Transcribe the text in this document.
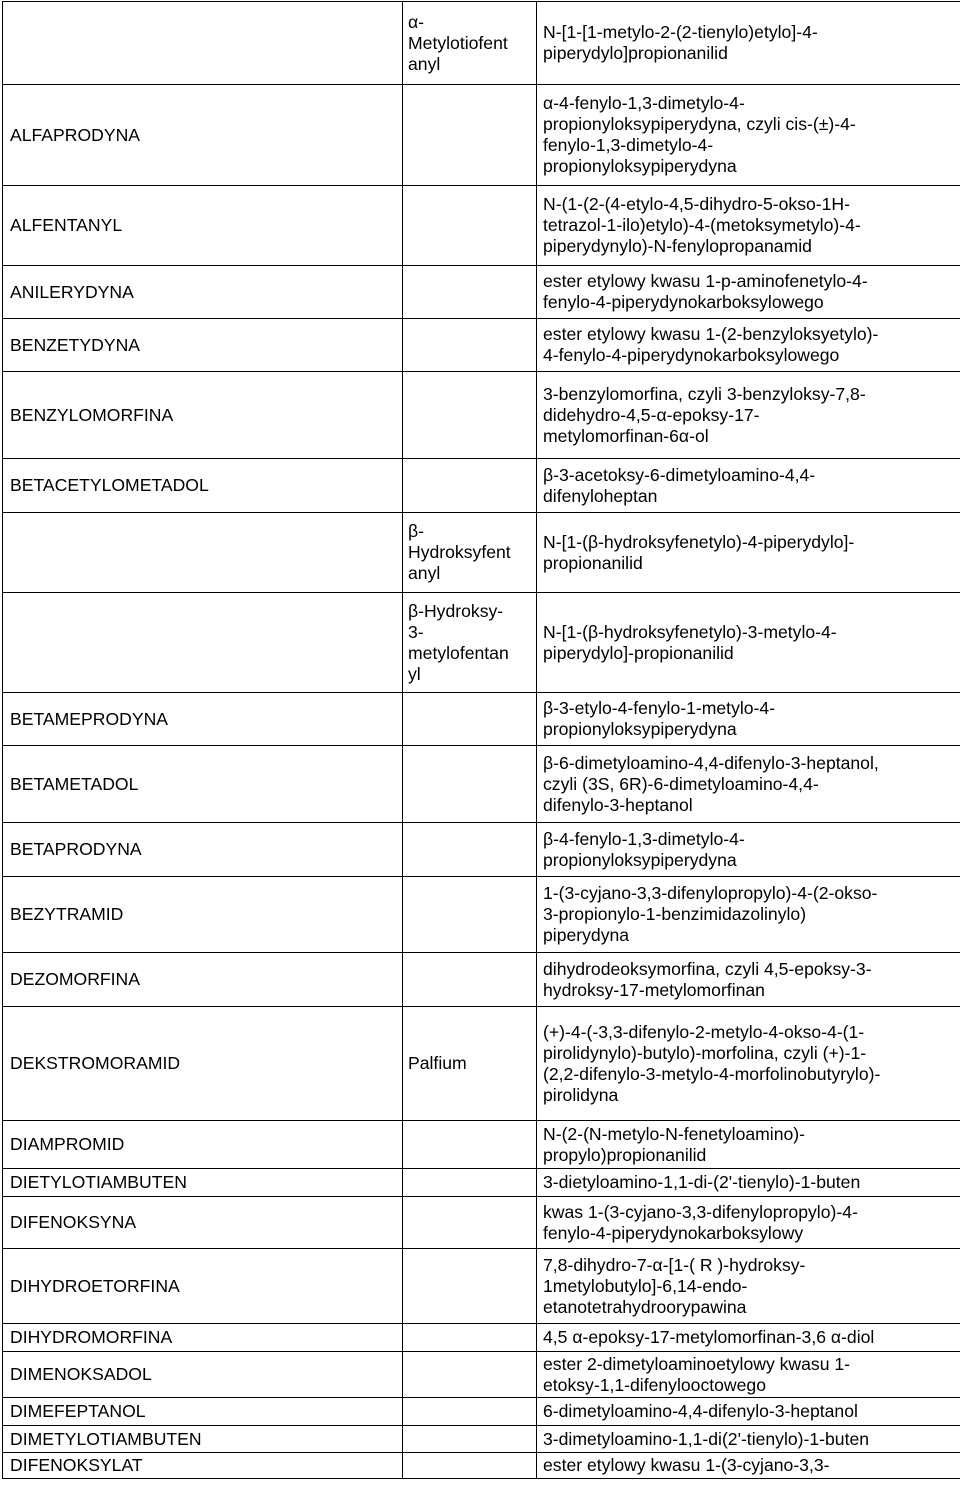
	α-
Metylotiofent
anyl	N-[1-[1-metylo-2-(2-tienylo)etylo]-4-
piperydylo]propionanilid
ALFAPRODYNA		α-4-fenylo-1,3-dimetylo-4-
propionyloksypiperydyna, czyli cis-(±)-4-
fenylo-1,3-dimetylo-4-
propionyloksypiperydyna
ALFENTANYL		N-(1-(2-(4-etylo-4,5-dihydro-5-okso-1H-
tetrazol-1-ilo)etylo)-4-(metoksymetylo)-4-
piperydynylo)-N-fenylopropanamid
ANILERYDYNA		ester etylowy kwasu 1-p-aminofenetylo-4-
fenylo-4-piperydynokarboksylowego
BENZETYDYNA		ester etylowy kwasu 1-(2-benzyloksyetylo)-
4-fenylo-4-piperydynokarboksylowego
BENZYLOMORFINA		3-benzylomorfina, czyli 3-benzyloksy-7,8-
didehydro-4,5-α-epoksy-17-
metylomorfinan-6α-ol
BETACETYLOMETADOL		β-3-acetoksy-6-dimetyloamino-4,4-
difenyloheptan
	β-
Hydroksyfent
anyl	N-[1-(β-hydroksyfenetylo)-4-piperydylo]-
propionanilid
	β-Hydroksy-
3-
metylofentan
yl	N-[1-(β-hydroksyfenetylo)-3-metylo-4-
piperydylo]-propionanilid
BETAMEPRODYNA		β-3-etylo-4-fenylo-1-metylo-4-
propionyloksypiperydyna
BETAMETADOL		β-6-dimetyloamino-4,4-difenylo-3-heptanol,
czyli (3S, 6R)-6-dimetyloamino-4,4-
difenylo-3-heptanol
BETAPRODYNA		β-4-fenylo-1,3-dimetylo-4-
propionyloksypiperydyna
BEZYTRAMID		1-(3-cyjano-3,3-difenylopropylo)-4-(2-okso-
3-propionylo-1-benzimidazolinylo)
piperydyna
DEZOMORFINA		dihydrodeoksymorfina, czyli 4,5-epoksy-3-
hydroksy-17-metylomorfinan
DEKSTROMORAMID	Palfium	(+)-4-(-3,3-difenylo-2-metylo-4-okso-4-(1-
pirolidynylo)-butylo)-morfolina, czyli (+)-1-
(2,2-difenylo-3-metylo-4-morfolinobutyrylo)-
pirolidyna
DIAMPROMID		N-(2-(N-metylo-N-fenetyloamino)-
propylo)propionanilid
DIETYLOTIAMBUTEN		3-dietyloamino-1,1-di-(2'-tienylo)-1-buten
DIFENOKSYNA		kwas 1-(3-cyjano-3,3-difenylopropylo)-4-
fenylo-4-piperydynokarboksylowy
DIHYDROETORFINA		7,8-dihydro-7-α-[1-( R )-hydroksy-
1metylobutylo]-6,14-endo-
etanotetrahydroorypawina
DIHYDROMORFINA		4,5 α-epoksy-17-metylomorfinan-3,6 α-diol
DIMENOKSADOL		ester 2-dimetyloaminoetylowy kwasu 1-
etoksy-1,1-difenylooctowego
DIMEFEPTANOL		6-dimetyloamino-4,4-difenylo-3-heptanol
DIMETYLOTIAMBUTEN		3-dimetyloamino-1,1-di(2'-tienylo)-1-buten
DIFENOKSYLAT		ester etylowy kwasu 1-(3-cyjano-3,3-
